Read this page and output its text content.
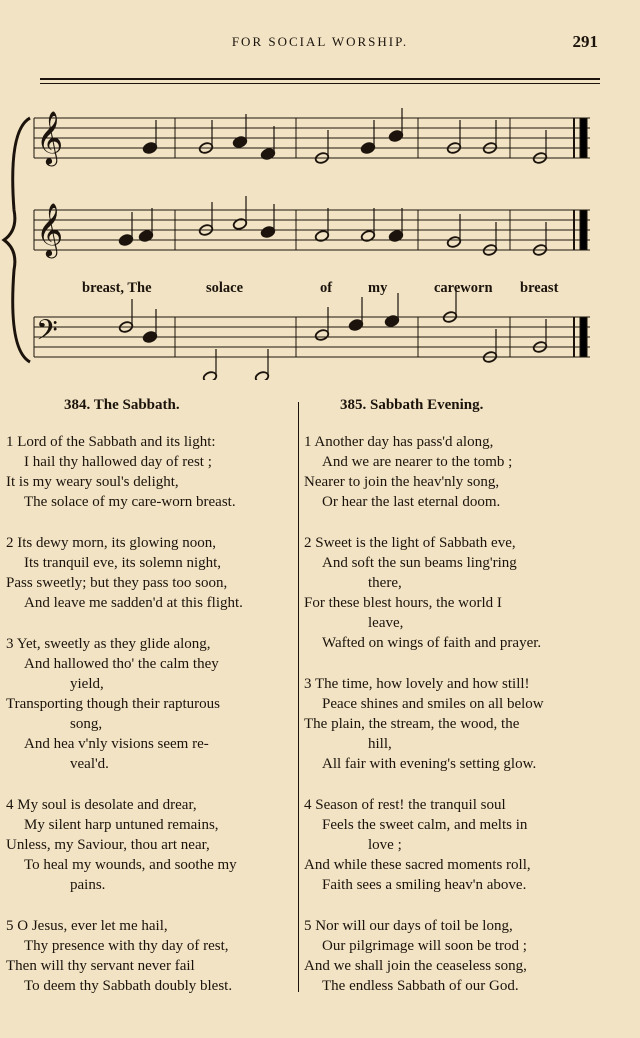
FOR SOCIAL WORSHIP.	291
𝄞
𝄞
𝄢
breast, The	solace	of my	careworn breast
384. The Sabbath.	385. Sabbath Evening.
1 Lord of the Sabbath and its light:
I hail thy hallowed day of rest ;
It is my weary soul's delight,
The solace of my care-worn breast.
2 Its dewy morn, its glowing noon,
Its tranquil eve, its solemn night,
Pass sweetly; but they pass too soon,
And leave me sadden'd at this flight.
3 Yet, sweetly as they glide along,
And hallowed tho' the calm they
yield,
Transporting though their rapturous
song,
And hea v'nly visions seem re-
veal'd.
4 My soul is desolate and drear,
My silent harp untuned remains,
Unless, my Saviour, thou art near,
To heal my wounds, and soothe my
pains.
5 O Jesus, ever let me hail,
Thy presence with thy day of rest,
Then will thy servant never fail
To deem thy Sabbath doubly blest.
1 Another day has pass'd along,
And we are nearer to the tomb ;
Nearer to join the heav'nly song,
Or hear the last eternal doom.
2 Sweet is the light of Sabbath eve,
And soft the sun beams ling'ring
there,
For these blest hours, the world I
leave,
Wafted on wings of faith and prayer.
3 The time, how lovely and how still!
Peace shines and smiles on all below
The plain, the stream, the wood, the
hill,
All fair with evening's setting glow.
4 Season of rest! the tranquil soul
Feels the sweet calm, and melts in
love ;
And while these sacred moments roll,
Faith sees a smiling heav'n above.
5 Nor will our days of toil be long,
Our pilgrimage will soon be trod ;
And we shall join the ceaseless song,
The endless Sabbath of our God.
